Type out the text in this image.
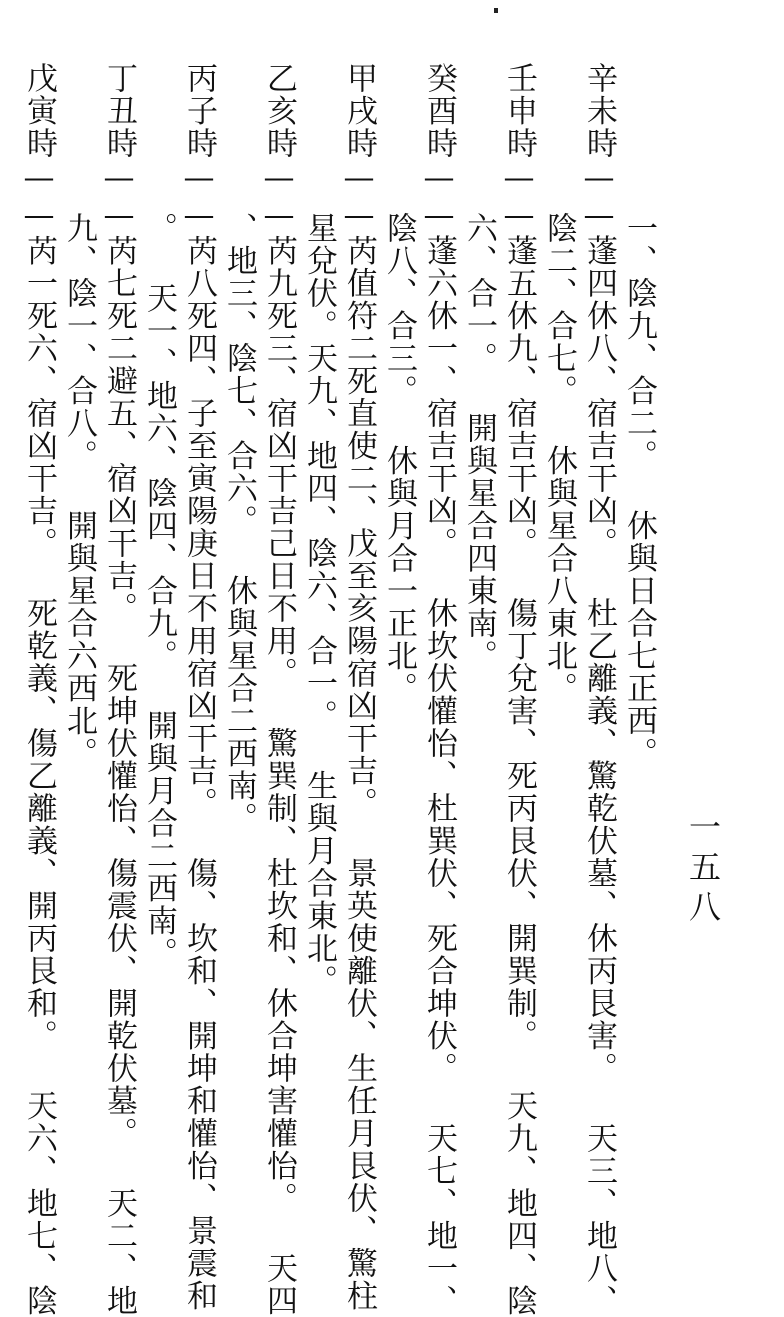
一、陰九、合二。 休與日合七正西。
辛未時——蓬四休八、宿吉干凶。 杜乙離義、驚乾伏墓、休丙艮害。 天三、地八、
陰二、合七。 休與星合八東北。
壬申時——蓬五休九、宿吉干凶。 傷丁兌害、死丙艮伏、開巽制。 天九、地四、陰
六、合一。 開與星合四東南。
癸酉時——蓬六休一、宿吉干凶。 休坎伏懽怡、杜巽伏、死合坤伏。 天七、地一、
陰八、合三。 休與月合一正北。
甲戌時——芮值符二死直使二、戊至亥陽宿凶干吉。 景英使離伏、生任月艮伏、驚柱
星兌伏。天九、地四、陰六、合一。 生與月合東北。
乙亥時——芮九死三、宿凶干吉己日不用。 驚巽制、杜坎和、休合坤害懽怡。 天四
、地三、陰七、合六。 休與星合二西南。
丙子時——芮八死四、子至寅陽庚日不用宿凶干吉。 傷、坎和、開坤和懽怡、景震和
。 天一、地六、陰四、合九。 開與月合二西南。
丁丑時——芮七死二避五、宿凶干吉。 死坤伏懽怡、傷震伏、開乾伏墓。 天二、地
九、陰一、合八。 開與星合六西北。
戊寅時——芮一死六、宿凶干吉。 死乾義、傷乙離義、開丙艮和。 天六、地七、陰	一五八
